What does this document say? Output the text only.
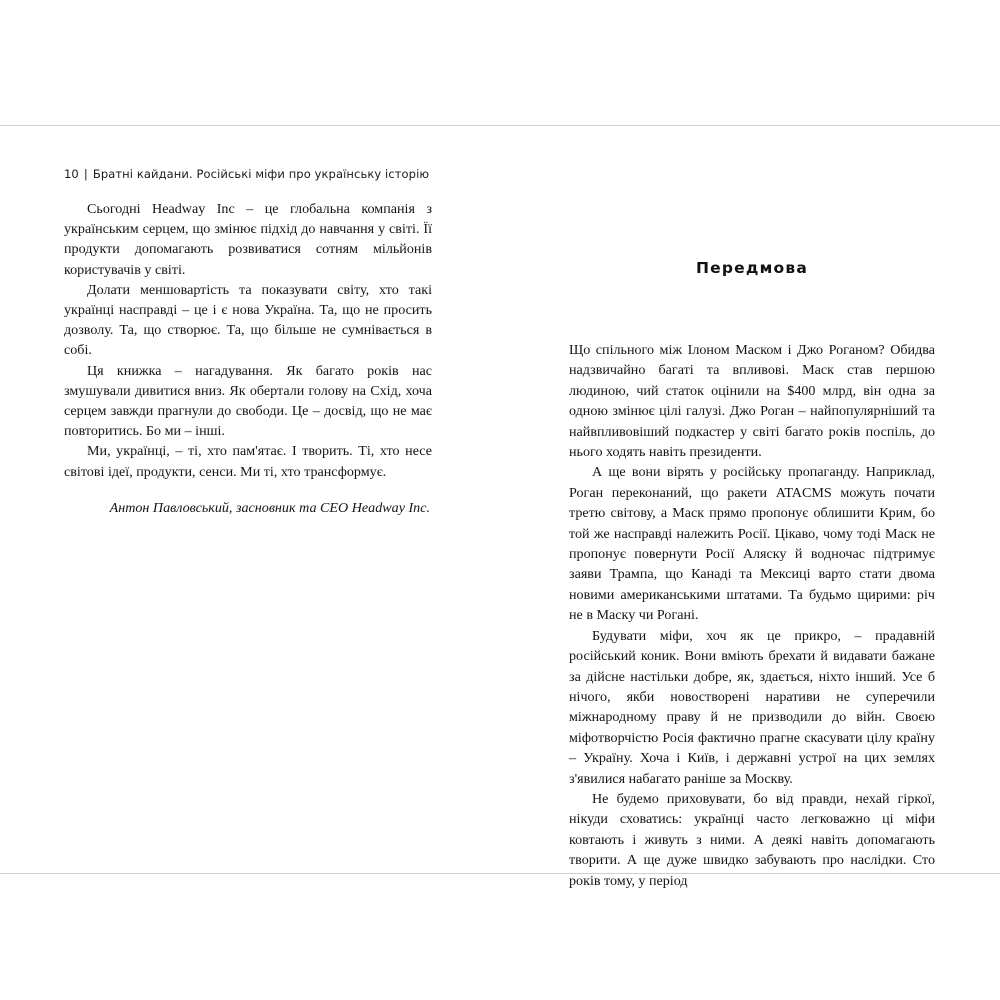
10 | Братні кайдани. Російські міфи про українську історію

Сьогодні Headway Inc – це глобальна компанія з українським серцем, що змінює підхід до навчання у світі. Її продукти допомагають розвиватися сотням мільйонів користувачів у світі.

Долати меншовартість та показувати світу, хто такі українці насправді – це і є нова Україна. Та, що не просить дозволу. Та, що створює. Та, що більше не сумнівається в собі.

Ця книжка – нагадування. Як багато років нас змушували дивитися вниз. Як обертали голову на Схід, хоча серцем завжди прагнули до свободи. Це – досвід, що не має повторитись. Бо ми – інші.

Ми, українці, – ті, хто пам'ятає. І творить. Ті, хто несе світові ідеї, продукти, сенси. Ми ті, хто трансформує.

Антон Павловський, засновник та CEO Headway Inc.

Передмова

Що спільного між Ілоном Маском і Джо Роганом? Обидва надзвичайно багаті та впливові. Маск став першою людиною, чий статок оцінили на $400 млрд, він одна за одною змінює цілі галузі. Джо Роган – найпопулярніший та найвпливовіший подкастер у світі багато років поспіль, до нього ходять навіть президенти.

А ще вони вірять у російську пропаганду. Наприклад, Роган переконаний, що ракети ATACMS можуть почати третю світову, а Маск прямо пропонує облишити Крим, бо той же насправді належить Росії. Цікаво, чому тоді Маск не пропонує повернути Росії Аляску й водночас підтримує заяви Трампа, що Канаді та Мексиці варто стати двома новими американськими штатами. Та будьмо щирими: річ не в Маску чи Рогані.

Будувати міфи, хоч як це прикро, – прадавній російський коник. Вони вміють брехати й видавати бажане за дійсне настільки добре, як, здається, ніхто інший. Усе б нічого, якби новостворені наративи не суперечили міжнародному праву й не призводили до війн. Своєю міфотворчістю Росія фактично прагне скасувати цілу країну – Україну. Хоча і Київ, і державні устрої на цих землях з'явилися набагато раніше за Москву.

Не будемо приховувати, бо від правди, нехай гіркої, нікуди сховатись: українці часто легковажно ці міфи ковтають і живуть з ними. А деякі навіть допомагають творити. А ще дуже швидко забувають про наслідки. Сто років тому, у період
